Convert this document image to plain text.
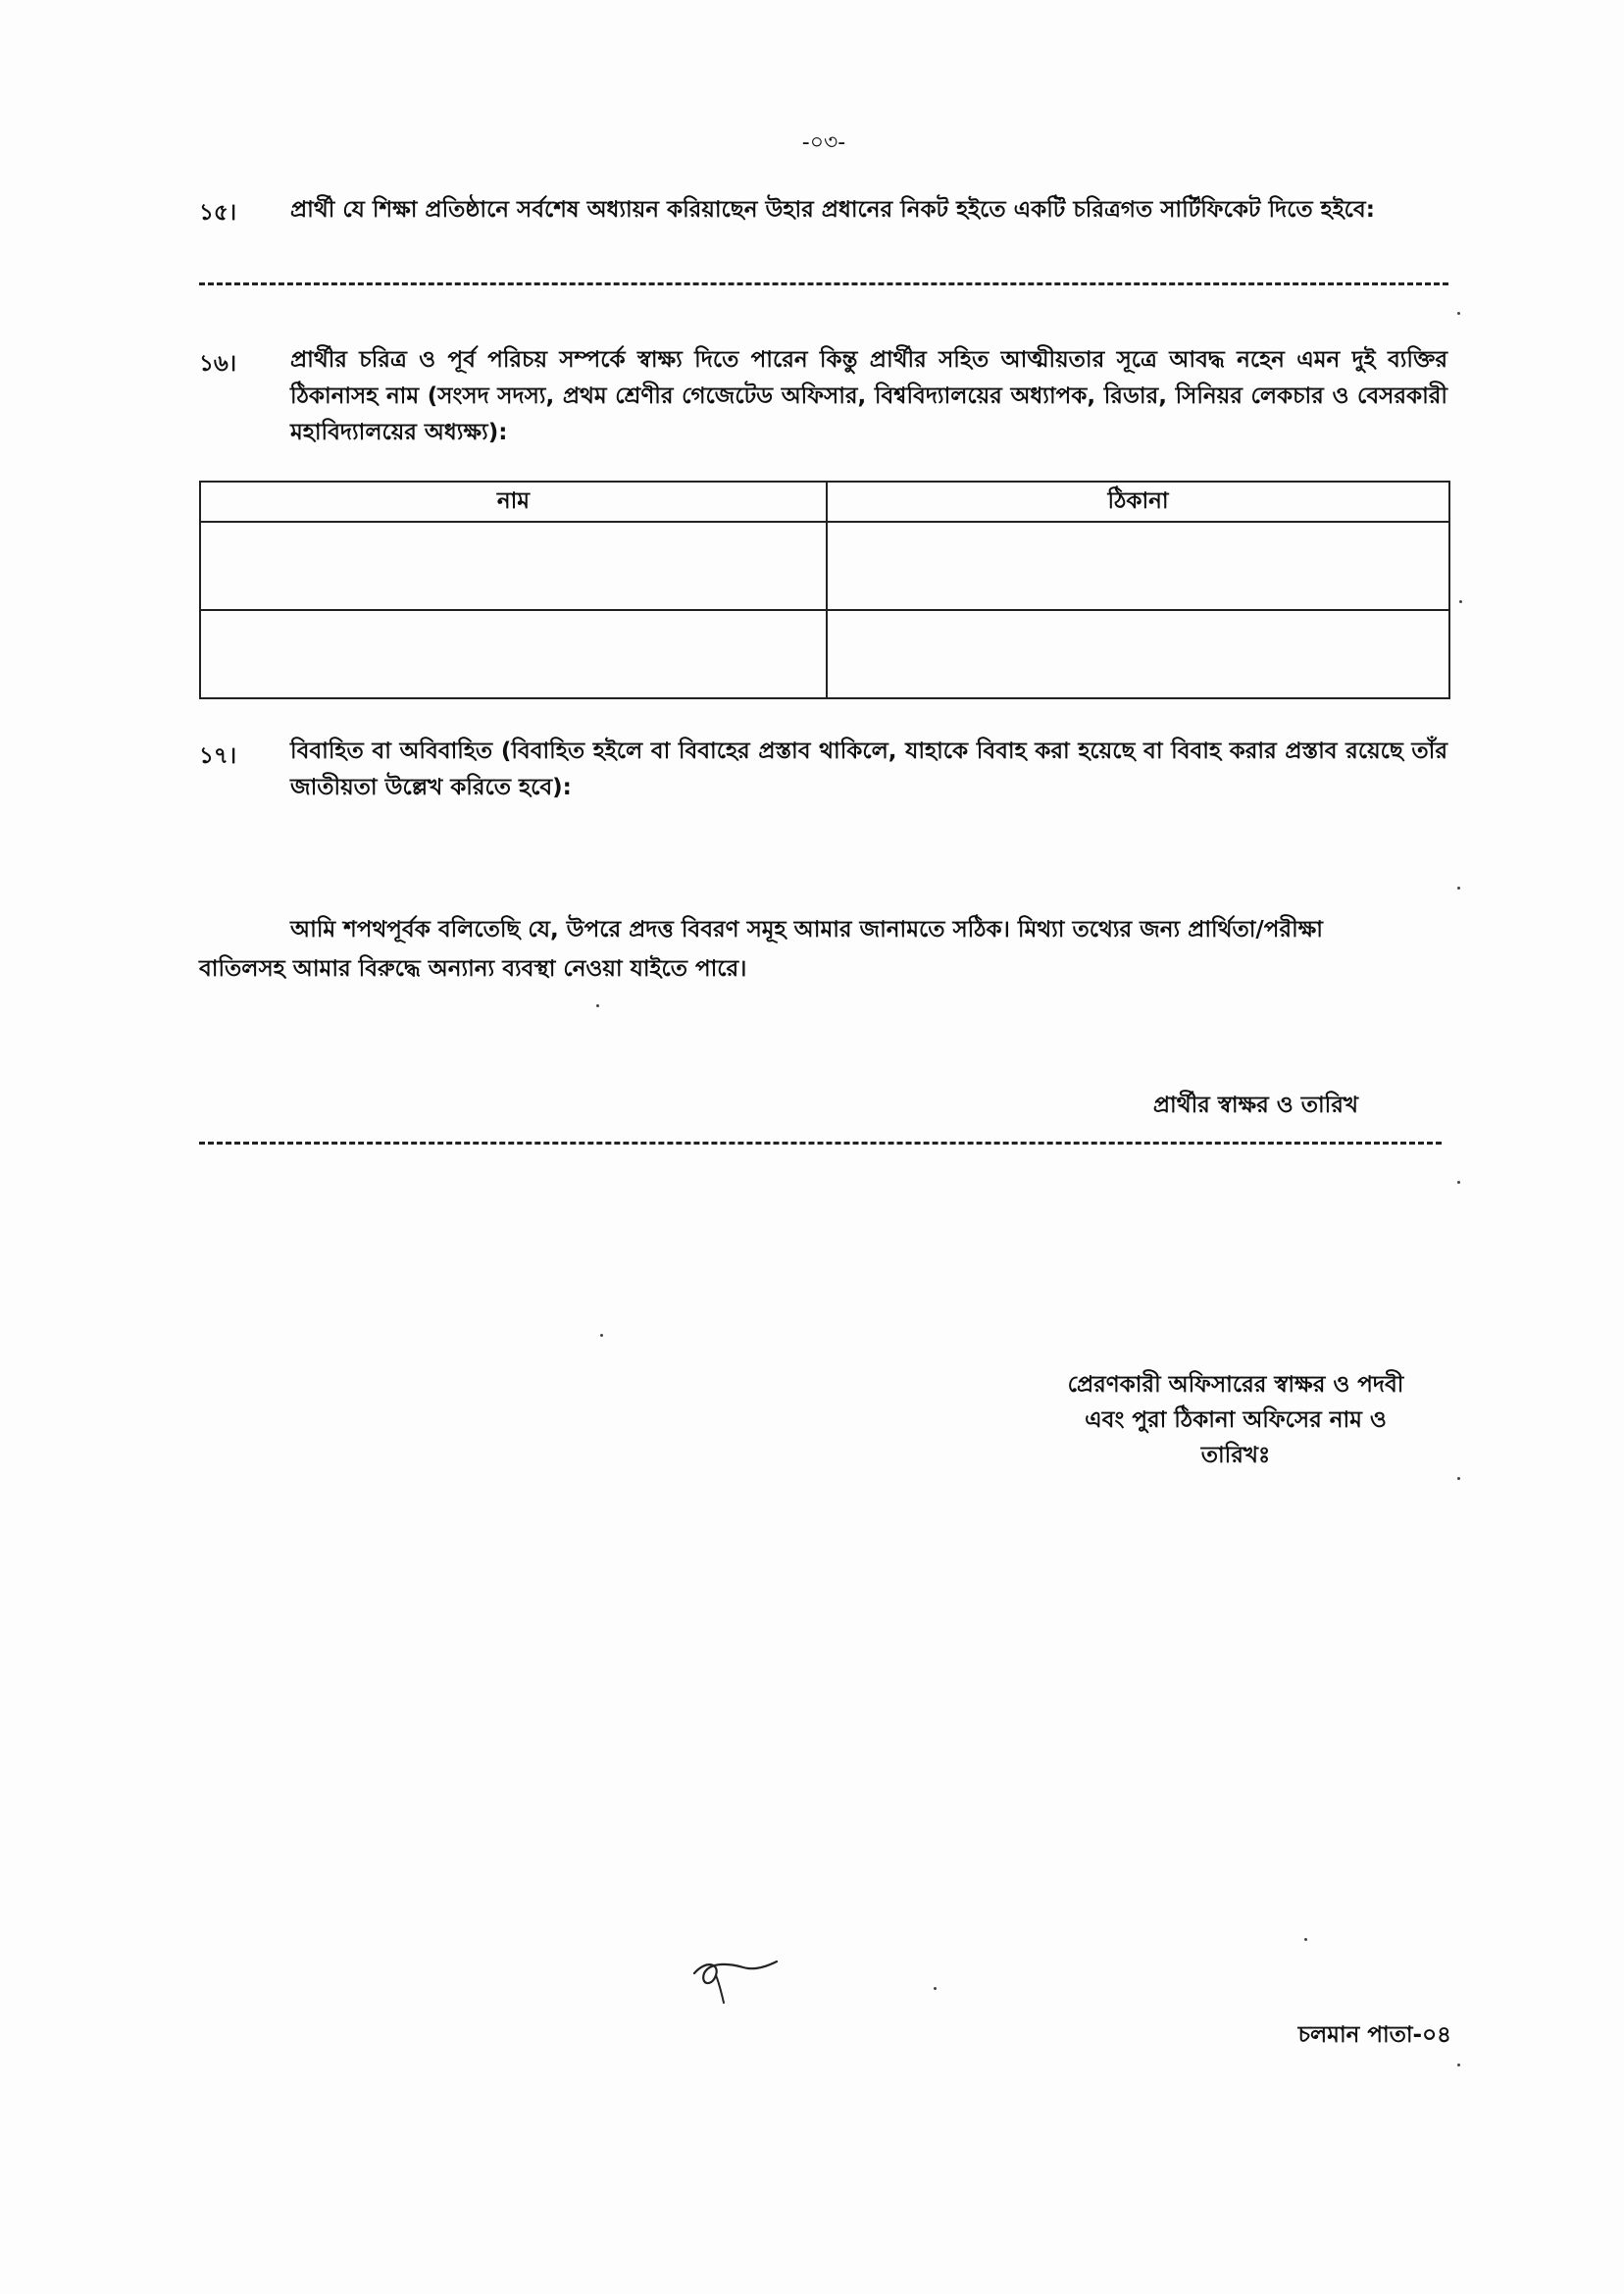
-০৩-
১৫। প্রার্থী যে শিক্ষা প্রতিষ্ঠানে সর্বশেষ অধ্যায়ন করিয়াছেন উহার প্রধানের নিকট হইতে একটি চরিত্রগত সার্টিফিকেট দিতে হইবে:
১৬। প্রার্থীর চরিত্র ও পূর্ব পরিচয় সম্পর্কে স্বাক্ষ্য দিতে পারেন কিন্তু প্রার্থীর সহিত আত্মীয়তার সূত্রে আবদ্ধ নহেন এমন দুই ব্যক্তির ঠিকানাসহ নাম (সংসদ সদস্য, প্রথম শ্রেণীর গেজেটেড অফিসার, বিশ্ববিদ্যালয়ের অধ্যাপক, রিডার, সিনিয়র লেকচার ও বেসরকারী মহাবিদ্যালয়ের অধ্যক্ষ্য):
নাম	ঠিকানা

১৭। বিবাহিত বা অবিবাহিত (বিবাহিত হইলে বা বিবাহের প্রস্তাব থাকিলে, যাহাকে বিবাহ করা হয়েছে বা বিবাহ করার প্রস্তাব রয়েছে তাঁর জাতীয়তা উল্লেখ করিতে হবে):
আমি শপথপূর্বক বলিতেছি যে, উপরে প্রদত্ত বিবরণ সমূহ আমার জানামতে সঠিক। মিথ্যা তথ্যের জন্য প্রার্থিতা/পরীক্ষা
বাতিলসহ আমার বিরুদ্ধে অন্যান্য ব্যবস্থা নেওয়া যাইতে পারে।
প্রার্থীর স্বাক্ষর ও তারিখ
প্রেরণকারী অফিসারের স্বাক্ষর ও পদবী
এবং পুরা ঠিকানা অফিসের নাম ও
তারিখঃ
চলমান পাতা-০৪
